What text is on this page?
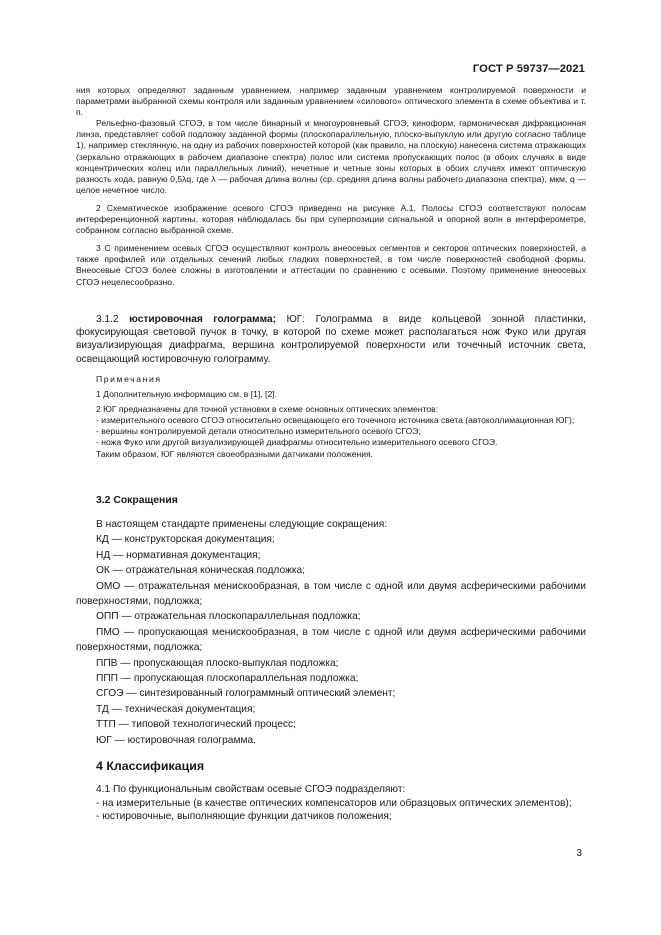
ГОСТ Р 59737—2021

ния которых определяют заданным уравнением, например заданным уравнением контролируемой поверхности и параметрами выбранной схемы контроля или заданным уравнением «силового» оптического элемента в схеме объектива и т. п.

Рельефно-фазовый СГОЭ, в том числе бинарный и многоуровневый СГОЭ, киноформ, гармоническая дифракционная линза, представляет собой подложку заданной формы (плоскопараллельную, плоско-выпуклую или другую согласно таблице 1), например стеклянную, на одну из рабочих поверхностей которой (как правило, на плоскую) нанесена система отражающих (зеркально отражающих в рабочем диапазоне спектра) полос или система пропускающих полос (в обоих случаях в виде концентрических колец или параллельных линий), нечетные и четные зоны которых в обоих случаях имеют оптическую разность хода, равную 0,5λq, где λ — рабочая длина волны (ср. средняя длина волны рабочего диапазона спектра), мкм, q — целое нечетное число.

2 Схематическое изображение осевого СГОЭ приведено на рисунке А.1. Полосы СГОЭ соответствуют полосам интерференционной картины, которая наблюдалась бы при суперпозиции сигнальной и опорной волн в интерферометре, собранном согласно выбранной схеме.

3 С применением осевых СГОЭ осуществляют контроль внеосевых сегментов и секторов оптических поверхностей, а также профилей или отдельных сечений любых гладких поверхностей, в том числе поверхностей свободной формы. Внеосевые СГОЭ более сложны в изготовлении и аттестации по сравнению с осевыми. Поэтому применение внеосевых СГОЭ нецелесообразно.

3.1.2 юстировочная голограмма; ЮГ: Голограмма в виде кольцевой зонной пластинки, фокусирующая световой пучок в точку, в которой по схеме может располагаться нож Фуко или другая визуализирующая диафрагма, вершина контролируемой поверхности или точечный источник света, освещающий юстировочную голограмму.

Примечания

1 Дополнительную информацию см. в [1], [2].

2 ЮГ предназначены для точной установки в схеме основных оптических элементов:

- измерительного осевого СГОЭ относительно освещающего его точечного источника света (автоколлимационная ЮГ);

- вершины контролируемой детали относительно измерительного осевого СГОЭ;

- ножа Фуко или другой визуализирующей диафрагмы относительно измерительного осевого СГОЭ.

Таким образом, ЮГ являются своеобразными датчиками положения.

3.2 Сокращения

В настоящем стандарте применены следующие сокращения:

КД — конструкторская документация;

НД — нормативная документация;

ОК — отражательная коническая подложка;

ОМО — отражательная менискообразная, в том числе с одной или двумя асферическими рабочими поверхностями, подложка;

ОПП — отражательная плоскопараллельная подложка;

ПМО — пропускающая менискообразная, в том числе с одной или двумя асферическими рабочими поверхностями, подложка;

ППВ — пропускающая плоско-выпуклая подложка;

ППП — пропускающая плоскопараллельная подложка;

СГОЭ — синтезированный голограммный оптический элемент;

ТД — техническая документация;

ТТП — типовой технологический процесс;

ЮГ — юстировочная голограмма.

4 Классификация

4.1 По функциональным свойствам осевые СГОЭ подразделяют:

- на измерительные (в качестве оптических компенсаторов или образцовых оптических элементов);

- юстировочные, выполняющие функции датчиков положения;

3
